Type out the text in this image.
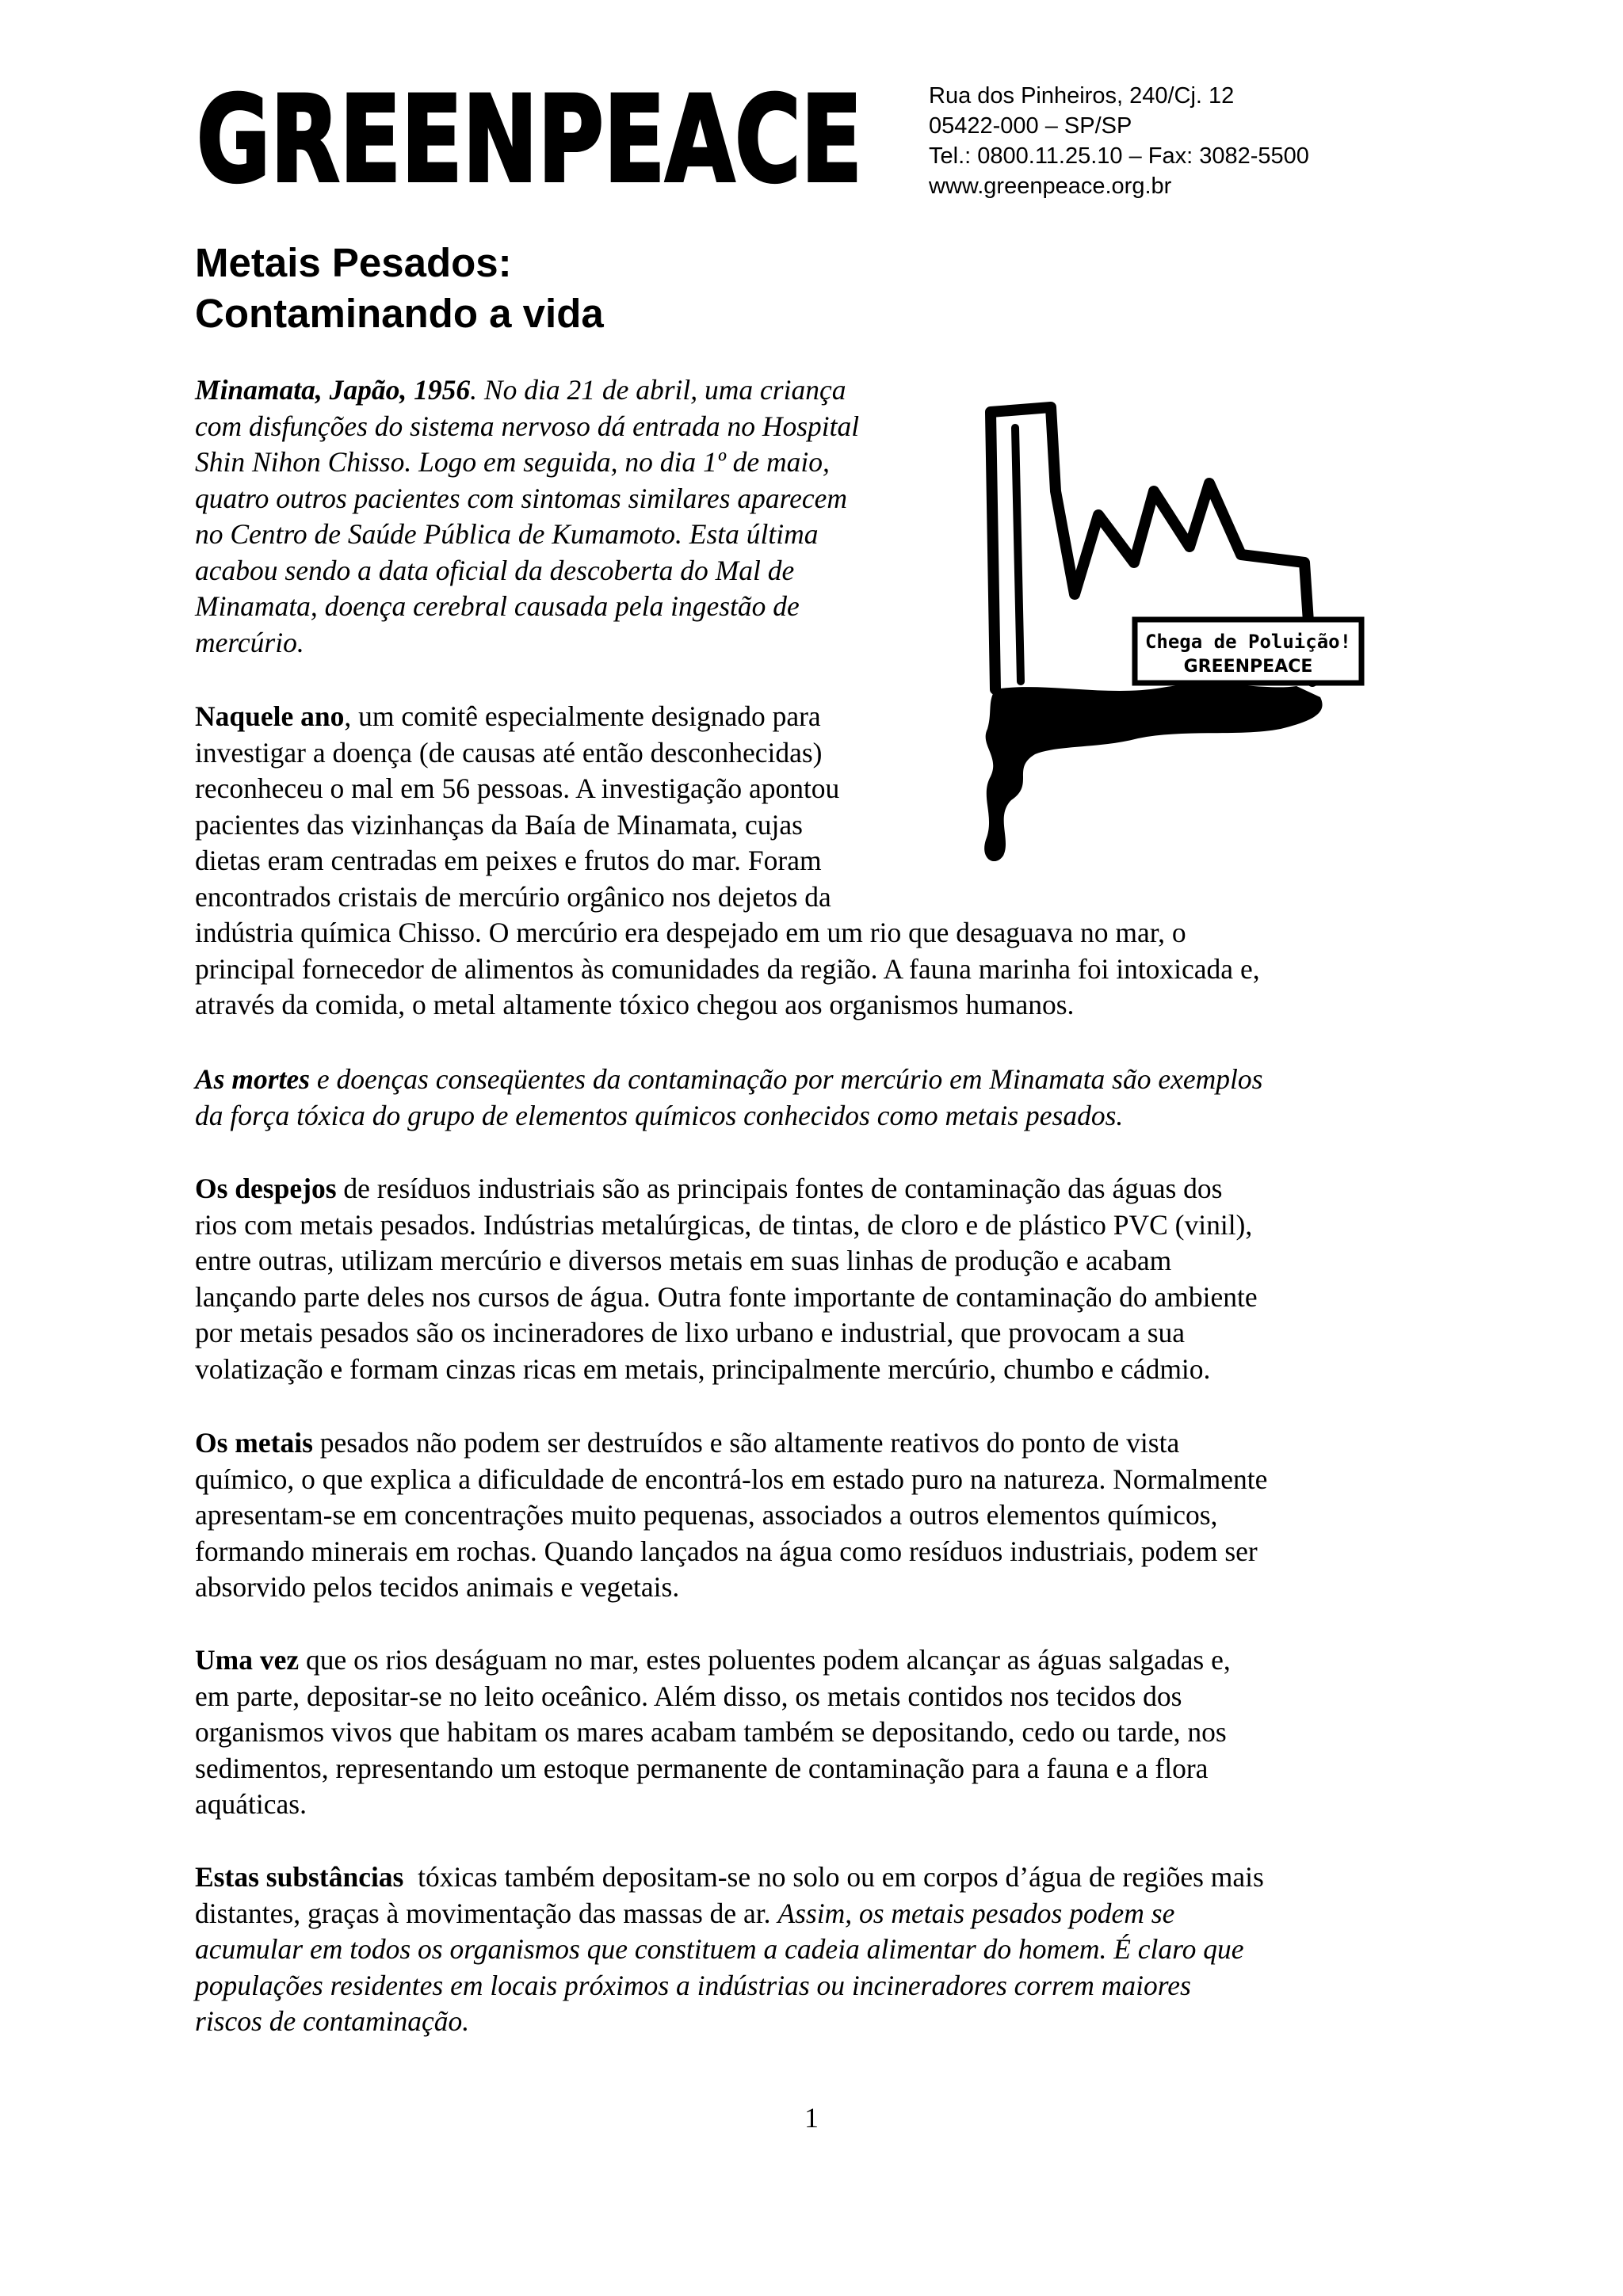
GREENPEACE	Rua dos Pinheiros, 240/Cj. 12
05422-000 – SP/SP
Tel.: 0800.11.25.10 – Fax: 3082-5500
www.greenpeace.org.br
Metais Pesados:
Contaminando a vida
Chega de Poluição!
GREENPEACE
Minamata, Japão, 1956. No dia 21 de abril, uma criança
com disfunções do sistema nervoso dá entrada no Hospital
Shin Nihon Chisso. Logo em seguida, no dia 1º de maio,
quatro outros pacientes com sintomas similares aparecem
no Centro de Saúde Pública de Kumamoto. Esta última
acabou sendo a data oficial da descoberta do Mal de
Minamata, doença cerebral causada pela ingestão de
mercúrio.
Naquele ano, um comitê especialmente designado para
investigar a doença (de causas até então desconhecidas)
reconheceu o mal em 56 pessoas. A investigação apontou
pacientes das vizinhanças da Baía de Minamata, cujas
dietas eram centradas em peixes e frutos do mar. Foram
encontrados cristais de mercúrio orgânico nos dejetos da
indústria química Chisso. O mercúrio era despejado em um rio que desaguava no mar, o
principal fornecedor de alimentos às comunidades da região. A fauna marinha foi intoxicada e,
através da comida, o metal altamente tóxico chegou aos organismos humanos.
As mortes e doenças conseqüentes da contaminação por mercúrio em Minamata são exemplos
da força tóxica do grupo de elementos químicos conhecidos como metais pesados.
Os despejos de resíduos industriais são as principais fontes de contaminação das águas dos
rios com metais pesados. Indústrias metalúrgicas, de tintas, de cloro e de plástico PVC (vinil),
entre outras, utilizam mercúrio e diversos metais em suas linhas de produção e acabam
lançando parte deles nos cursos de água. Outra fonte importante de contaminação do ambiente
por metais pesados são os incineradores de lixo urbano e industrial, que provocam a sua
volatização e formam cinzas ricas em metais, principalmente mercúrio, chumbo e cádmio.
Os metais pesados não podem ser destruídos e são altamente reativos do ponto de vista
químico, o que explica a dificuldade de encontrá-los em estado puro na natureza. Normalmente
apresentam-se em concentrações muito pequenas, associados a outros elementos químicos,
formando minerais em rochas. Quando lançados na água como resíduos industriais, podem ser
absorvido pelos tecidos animais e vegetais.
Uma vez que os rios deságuam no mar, estes poluentes podem alcançar as águas salgadas e,
em parte, depositar-se no leito oceânico. Além disso, os metais contidos nos tecidos dos
organismos vivos que habitam os mares acabam também se depositando, cedo ou tarde, nos
sedimentos, representando um estoque permanente de contaminação para a fauna e a flora
aquáticas.
Estas substâncias  tóxicas também depositam-se no solo ou em corpos d’água de regiões mais
distantes, graças à movimentação das massas de ar. Assim, os metais pesados podem se
acumular em todos os organismos que constituem a cadeia alimentar do homem. É claro que
populações residentes em locais próximos a indústrias ou incineradores correm maiores
riscos de contaminação.
1
